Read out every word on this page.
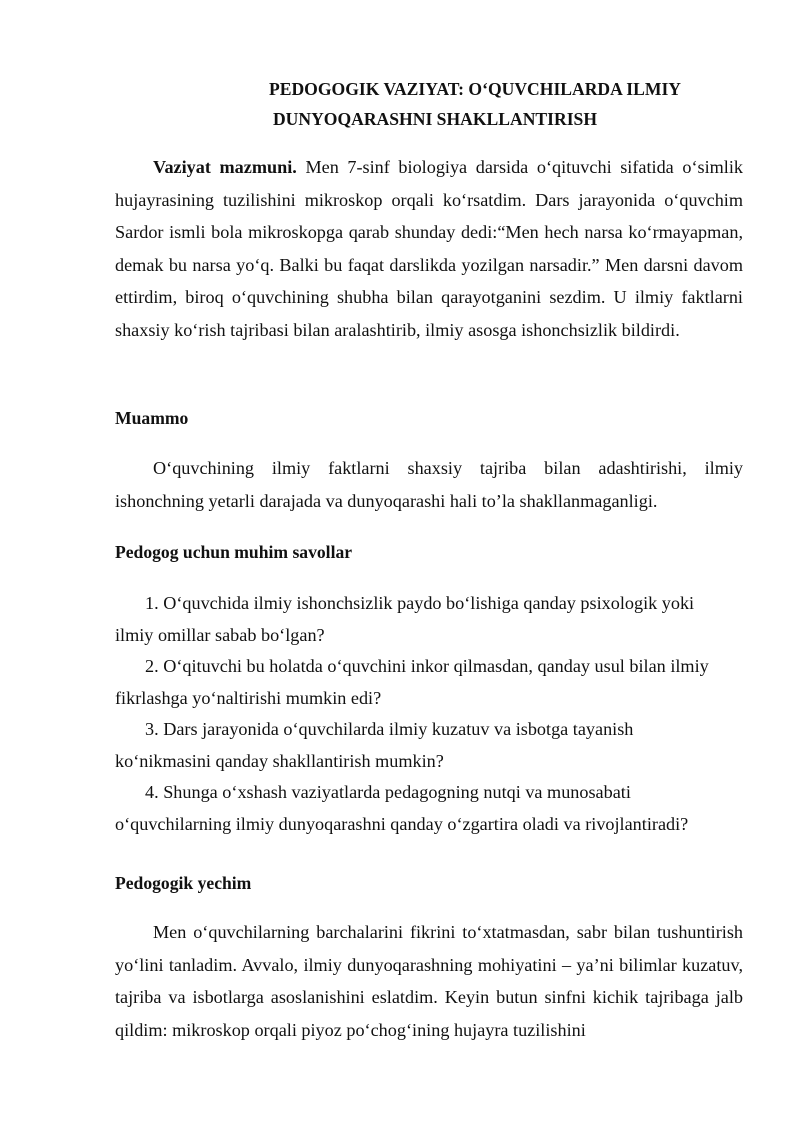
PEDOGOGIK VAZIYAT: O‘QUVCHILARDA ILMIY
DUNYOQARASHNI SHAKLLANTIRISH
Vaziyat mazmuni. Men 7-sinf biologiya darsida o‘qituvchi sifatida o‘simlik hujayrasining tuzilishini mikroskop orqali ko‘rsatdim. Dars jarayonida o‘quvchim Sardor ismli bola mikroskopga qarab shunday dedi:“Men hech narsa ko‘rmayapman, demak bu narsa yo‘q. Balki bu faqat darslikda yozilgan narsadir.” Men darsni davom ettirdim, biroq o‘quvchining shubha bilan qarayotganini sezdim. U ilmiy faktlarni shaxsiy ko‘rish tajribasi bilan aralashtirib, ilmiy asosga ishonchsizlik bildirdi.
Muammo
O‘quvchining ilmiy faktlarni shaxsiy tajriba bilan adashtirishi, ilmiy ishonchning yetarli darajada va dunyoqarashi hali to’la shakllanmaganligi.
Pedogog uchun muhim savollar
1. O‘quvchida ilmiy ishonchsizlik paydo bo‘lishiga qanday psixologik yoki
ilmiy omillar sabab bo‘lgan?
2. O‘qituvchi bu holatda o‘quvchini inkor qilmasdan, qanday usul bilan ilmiy
fikrlashga yo‘naltirishi mumkin edi?
3. Dars jarayonida o‘quvchilarda ilmiy kuzatuv va isbotga tayanish
ko‘nikmasini qanday shakllantirish mumkin?
4. Shunga o‘xshash vaziyatlarda pedagogning nutqi va munosabati
o‘quvchilarning ilmiy dunyoqarashni qanday o‘zgartira oladi va rivojlantiradi?
Pedogogik yechim
Men o‘quvchilarning barchalarini fikrini to‘xtatmasdan, sabr bilan tushuntirish yo‘lini tanladim. Avvalo, ilmiy dunyoqarashning mohiyatini – ya’ni bilimlar kuzatuv, tajriba va isbotlarga asoslanishini eslatdim. Keyin butun sinfni kichik tajribaga jalb qildim: mikroskop orqali piyoz po‘chog‘ining hujayra tuzilishini
